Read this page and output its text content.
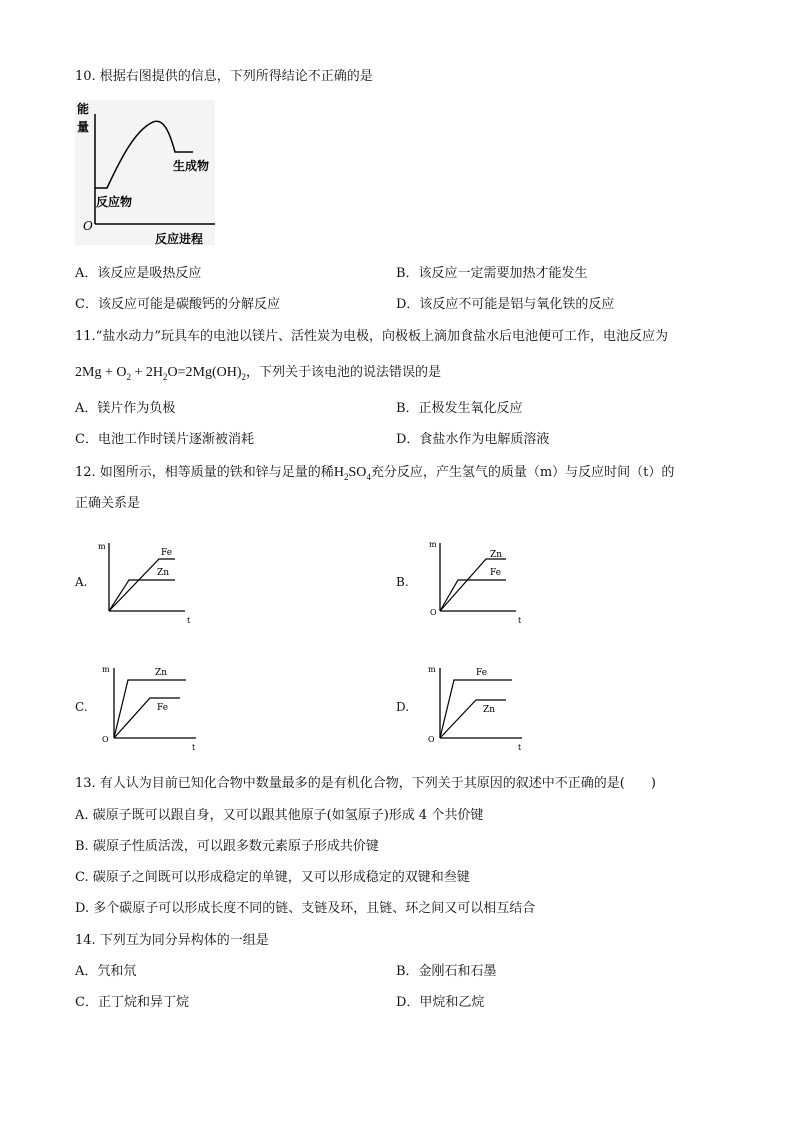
10. 根据右图提供的信息，下列所得结论不正确的是
能
量
O
反应进程
反应物
生成物
A．该反应是吸热反应	B．该反应一定需要加热才能发生
C．该反应可能是碳酸钙的分解反应	D．该反应不可能是铝与氧化铁的反应
11.“盐水动力”玩具车的电池以镁片、活性炭为电极，向极板上滴加食盐水后电池便可工作，电池反应为
$2Mg + O_2 + 2H_2O=2Mg(OH)_2$，下列关于该电池的说法错误的是
A．镁片作为负极	B．正极发生氧化反应
C．电池工作时镁片逐渐被消耗	D．食盐水作为电解质溶液
12. 如图所示，相等质量的铁和锌与足量的稀$H_2SO_4$充分反应，产生氢气的质量（m）与反应时间（t）的
正确关系是
A.
m
t
Fe
Zn
B.
m
O
t
Zn
Fe
C.
m
O
t
Zn
Fe	D.
m
O
t
Fe
Zn
13. 有人认为目前已知化合物中数量最多的是有机化合物，下列关于其原因的叙述中不正确的是(　　)
A. 碳原子既可以跟自身，又可以跟其他原子(如氢原子)形成 4 个共价键
B. 碳原子性质活泼，可以跟多数元素原子形成共价键
C. 碳原子之间既可以形成稳定的单键，又可以形成稳定的双键和叁键
D. 多个碳原子可以形成长度不同的链、支链及环，且链、环之间又可以相互结合
14. 下列互为同分异构体的一组是
A．氕和氘	B．金刚石和石墨
C．正丁烷和异丁烷	D．甲烷和乙烷
